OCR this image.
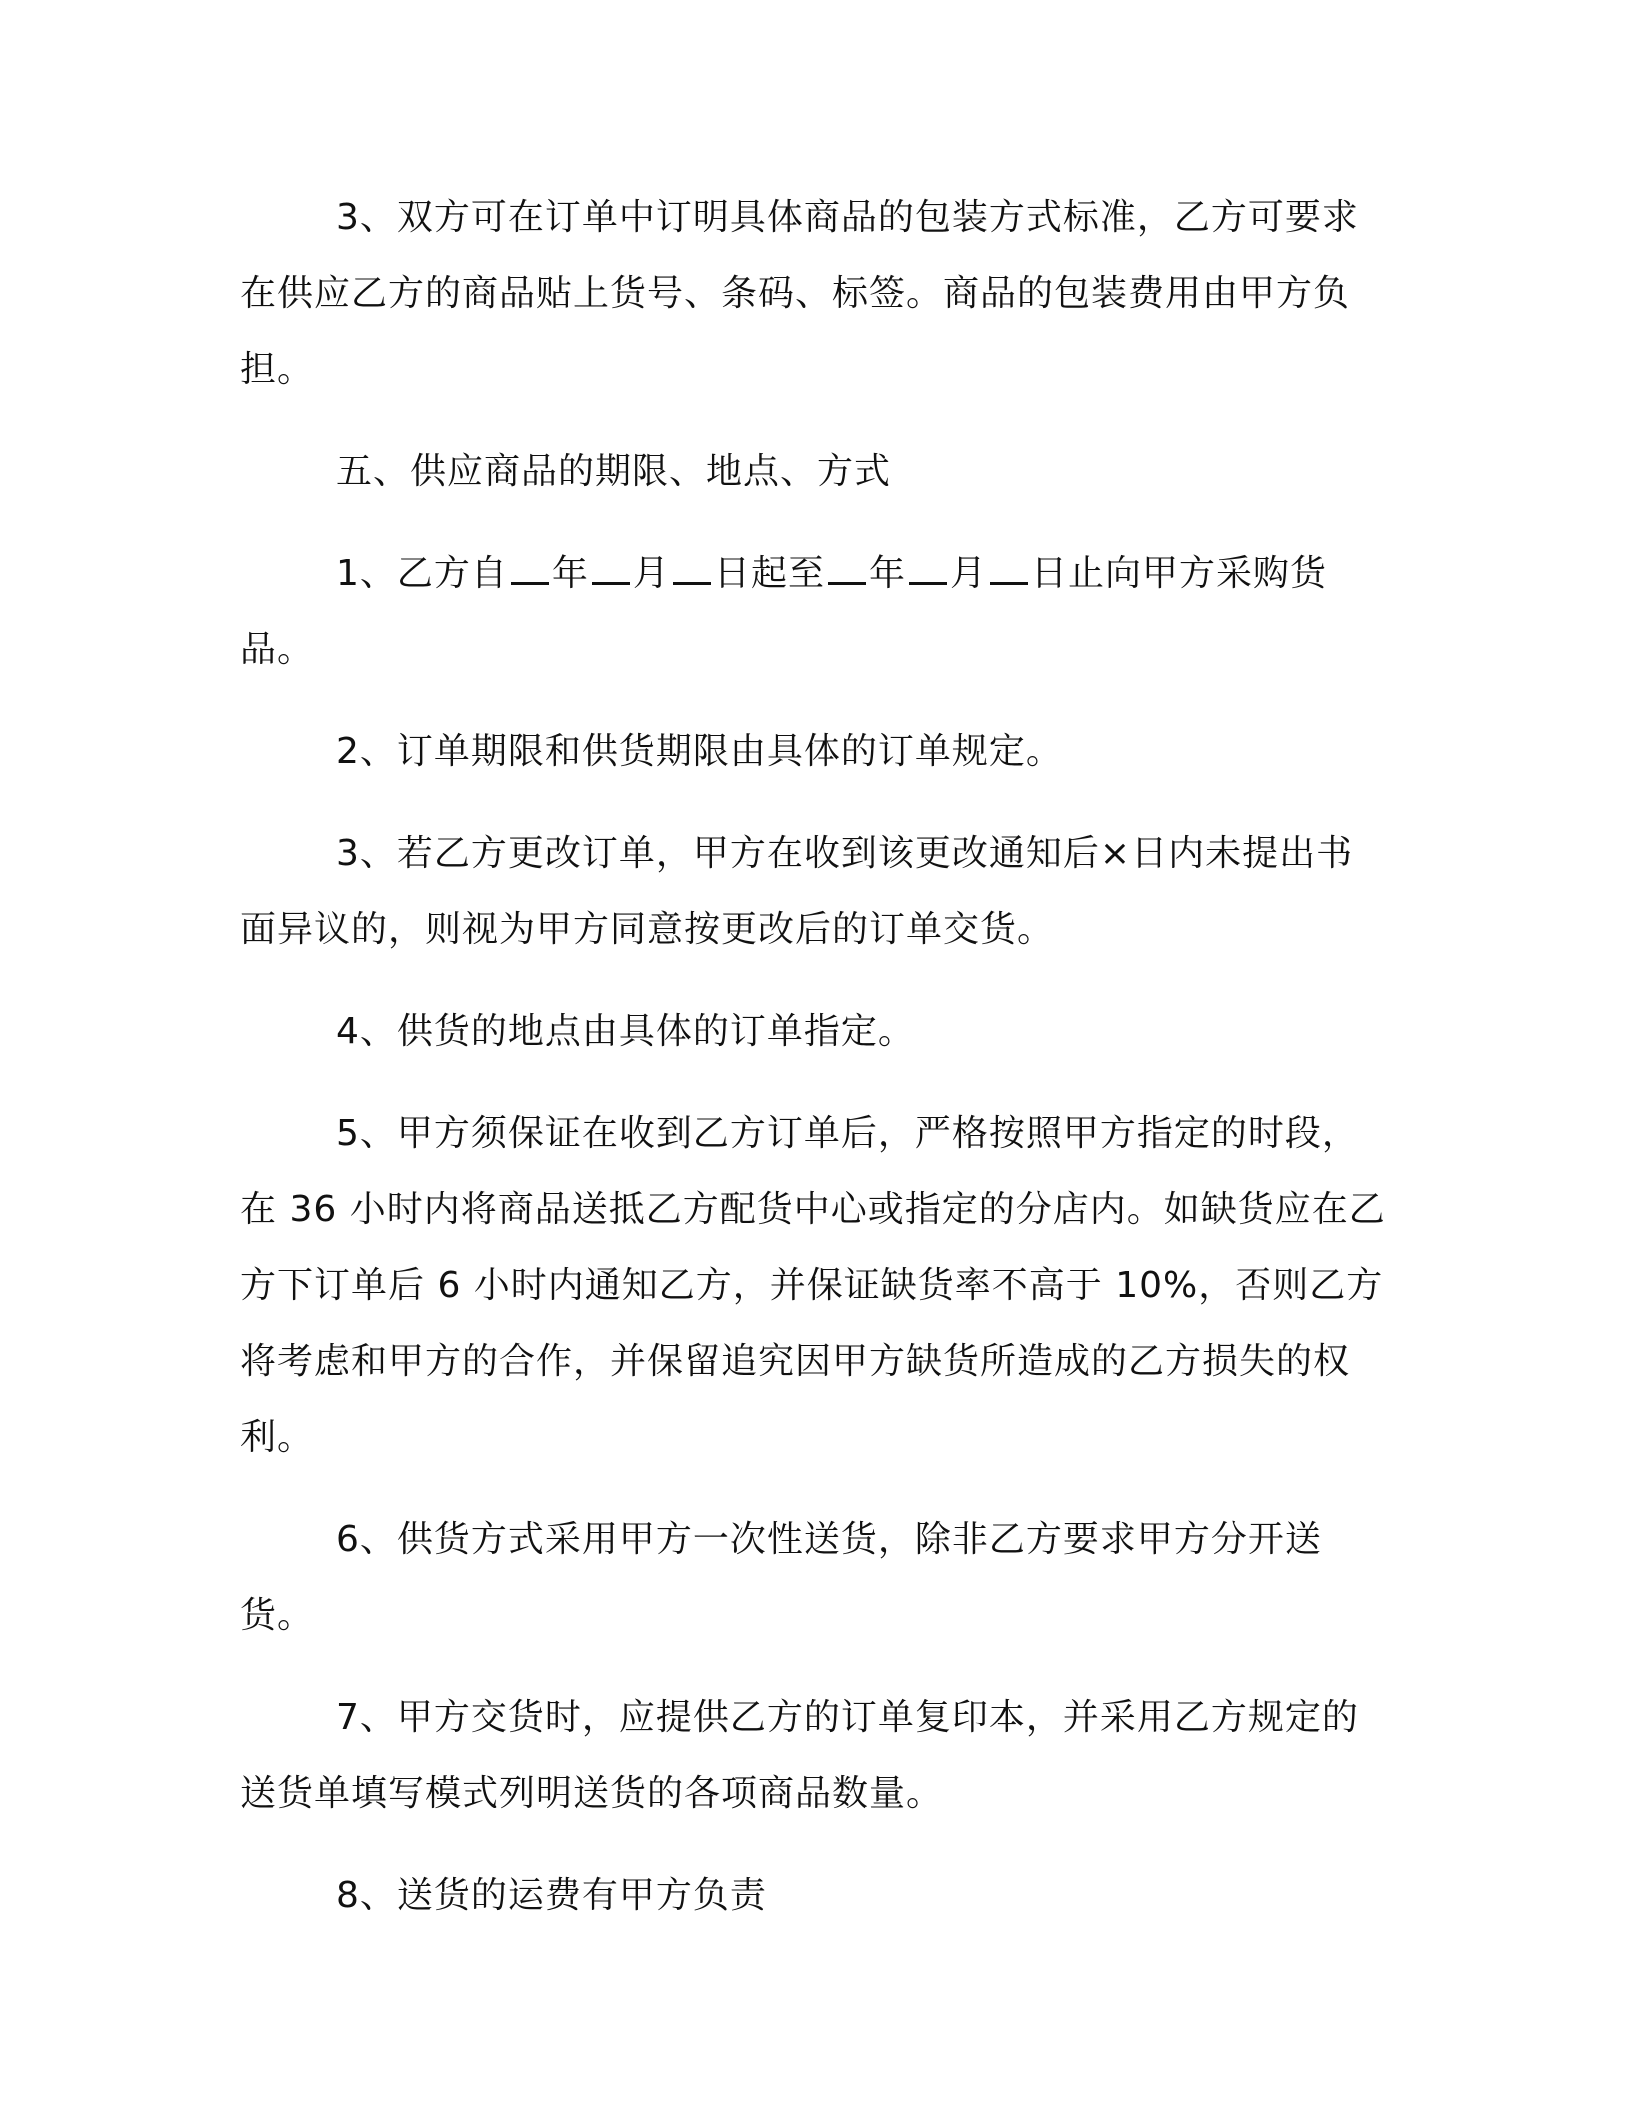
3、双方可在订单中订明具体商品的包装方式标准，乙方可要求在供应乙方的商品贴上货号、条码、标签。商品的包装费用由甲方负担。

五、供应商品的期限、地点、方式

1、乙方自 年 月 日起至 年 月 日止向甲方采购货品。

2、订单期限和供货期限由具体的订单规定。

3、若乙方更改订单，甲方在收到该更改通知后×日内未提出书面异议的，则视为甲方同意按更改后的订单交货。

4、供货的地点由具体的订单指定。

5、甲方须保证在收到乙方订单后，严格按照甲方指定的时段，在 36 小时内将商品送抵乙方配货中心或指定的分店内。如缺货应在乙方下订单后 6 小时内通知乙方，并保证缺货率不高于 10%，否则乙方将考虑和甲方的合作，并保留追究因甲方缺货所造成的乙方损失的权利。

6、供货方式采用甲方一次性送货，除非乙方要求甲方分开送货。

7、甲方交货时，应提供乙方的订单复印本，并采用乙方规定的送货单填写模式列明送货的各项商品数量。

8、送货的运费有甲方负责
